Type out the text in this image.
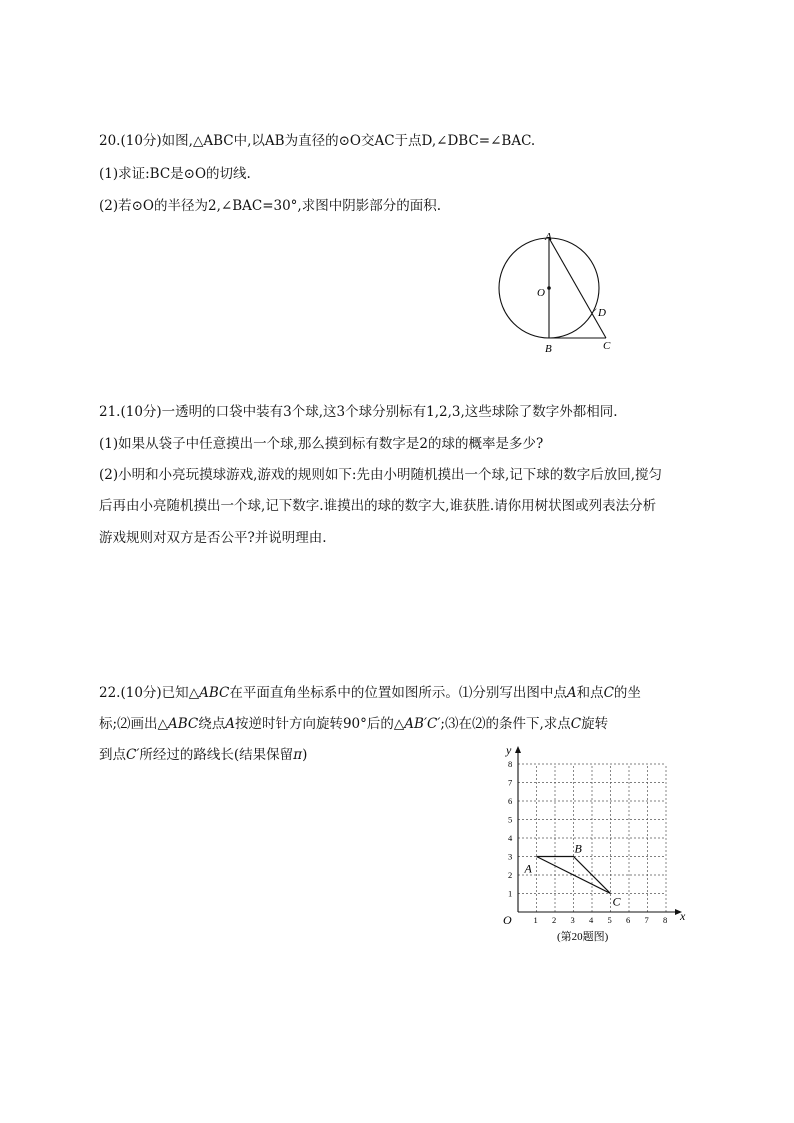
20.(10分)如图,△ABC中,以AB为直径的⊙O交AC于点D,∠DBC=∠BAC.
(1)求证:BC是⊙O的切线.
(2)若⊙O的半径为2,∠BAC=30°,求图中阴影部分的面积.
A
O
D
B	C
21.(10分)一透明的口袋中装有3个球,这3个球分别标有1,2,3,这些球除了数字外都相同.
(1)如果从袋子中任意摸出一个球,那么摸到标有数字是2的球的概率是多少?
(2)小明和小亮玩摸球游戏,游戏的规则如下:先由小明随机摸出一个球,记下球的数字后放回,搅匀
后再由小亮随机摸出一个球,记下数字.谁摸出的球的数字大,谁获胜.请你用树状图或列表法分析
游戏规则对双方是否公平?并说明理由.
22.(10分)已知△ABC在平面直角坐标系中的位置如图所示。⑴分别写出图中点A和点C的坐
标;⑵画出△ABC绕点A按逆时针方向旋转90°后的△AB′C′;⑶在⑵的条件下,求点C旋转
到点C′所经过的路线长(结果保留π)
1 2 3 4 5 6 7 8
1
2
3
4
5
6
7
8
y
x
O
A
B
C
(第20题图)
